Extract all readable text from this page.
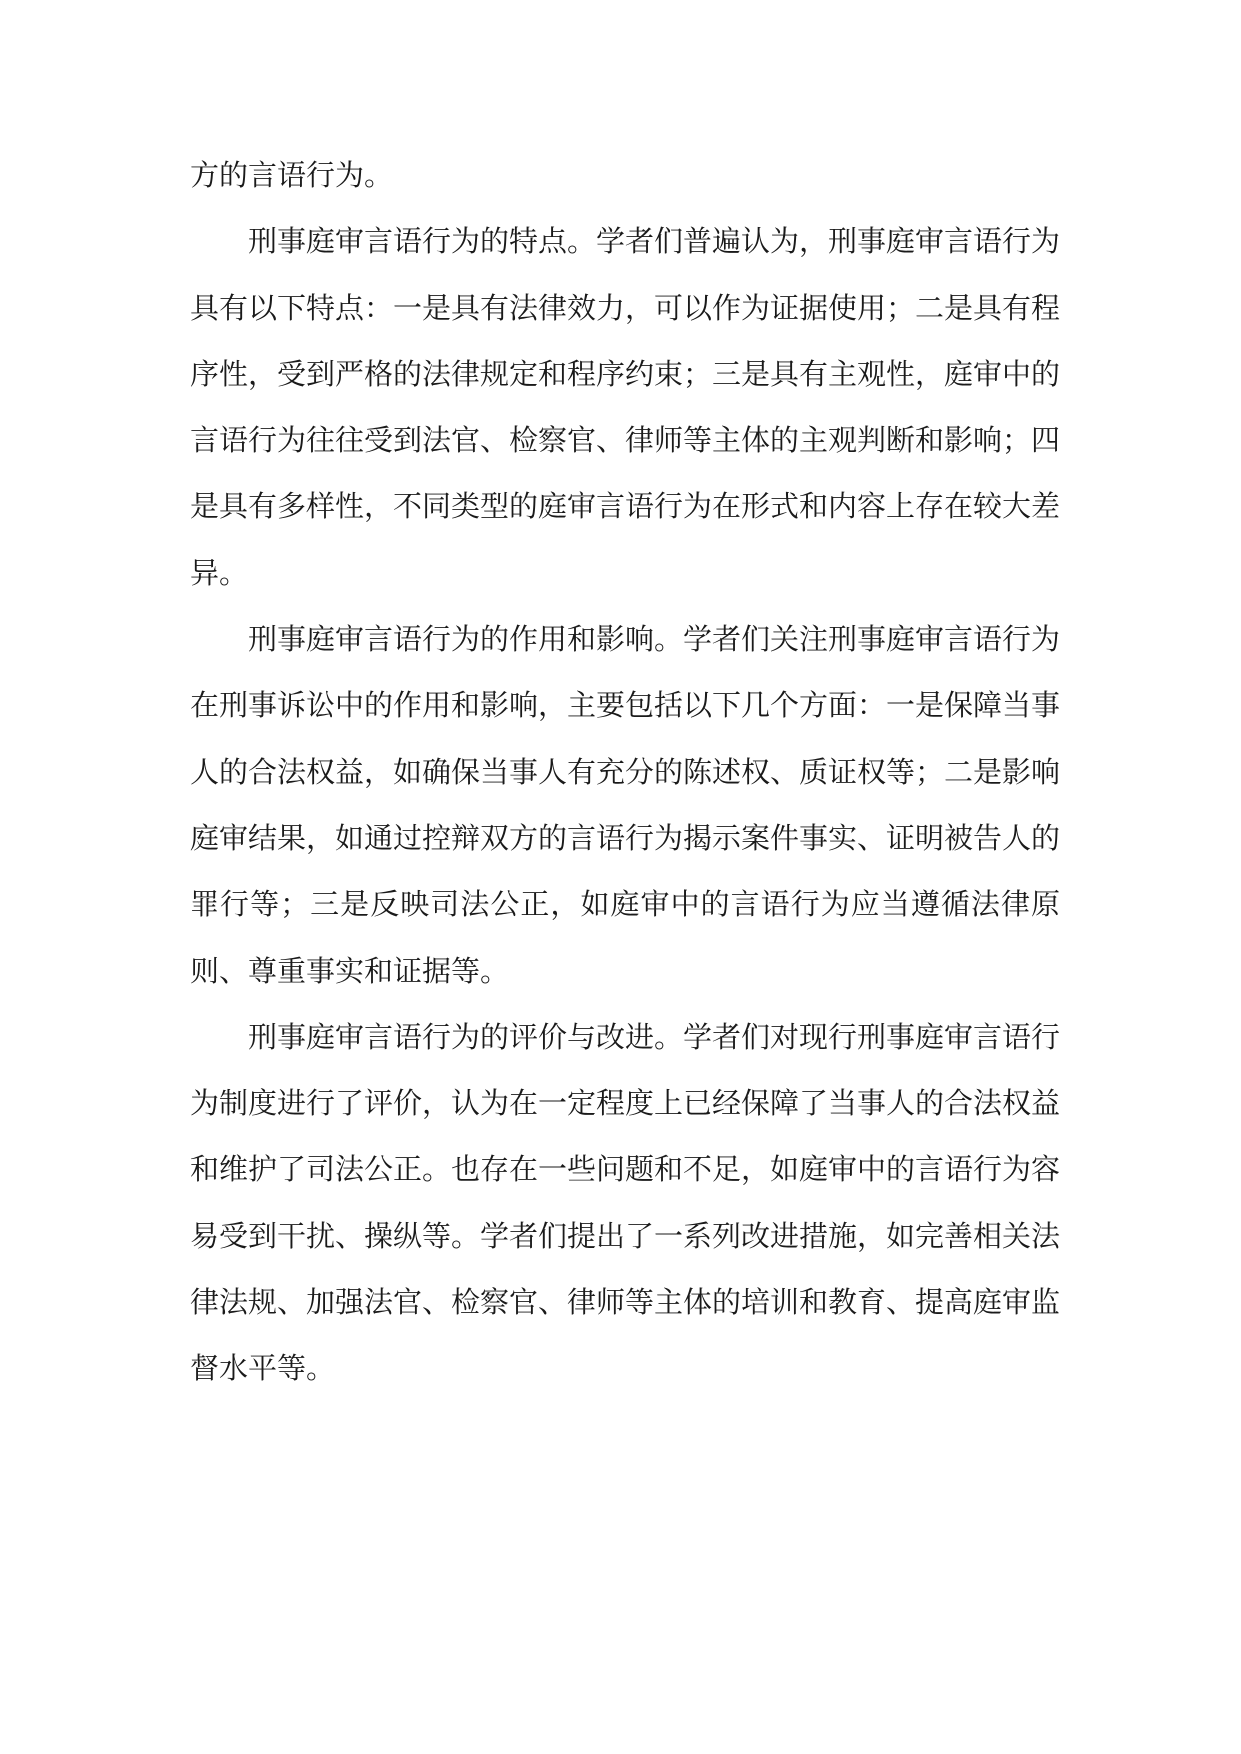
方的言语行为。

刑事庭审言语行为的特点。学者们普遍认为，刑事庭审言语行为具有以下特点：一是具有法律效力，可以作为证据使用；二是具有程序性，受到严格的法律规定和程序约束；三是具有主观性，庭审中的言语行为往往受到法官、检察官、律师等主体的主观判断和影响；四是具有多样性，不同类型的庭审言语行为在形式和内容上存在较大差异。

刑事庭审言语行为的作用和影响。学者们关注刑事庭审言语行为在刑事诉讼中的作用和影响，主要包括以下几个方面：一是保障当事人的合法权益，如确保当事人有充分的陈述权、质证权等；二是影响庭审结果，如通过控辩双方的言语行为揭示案件事实、证明被告人的罪行等；三是反映司法公正，如庭审中的言语行为应当遵循法律原则、尊重事实和证据等。

刑事庭审言语行为的评价与改进。学者们对现行刑事庭审言语行为制度进行了评价，认为在一定程度上已经保障了当事人的合法权益和维护了司法公正。也存在一些问题和不足，如庭审中的言语行为容易受到干扰、操纵等。学者们提出了一系列改进措施，如完善相关法律法规、加强法官、检察官、律师等主体的培训和教育、提高庭审监督水平等。
